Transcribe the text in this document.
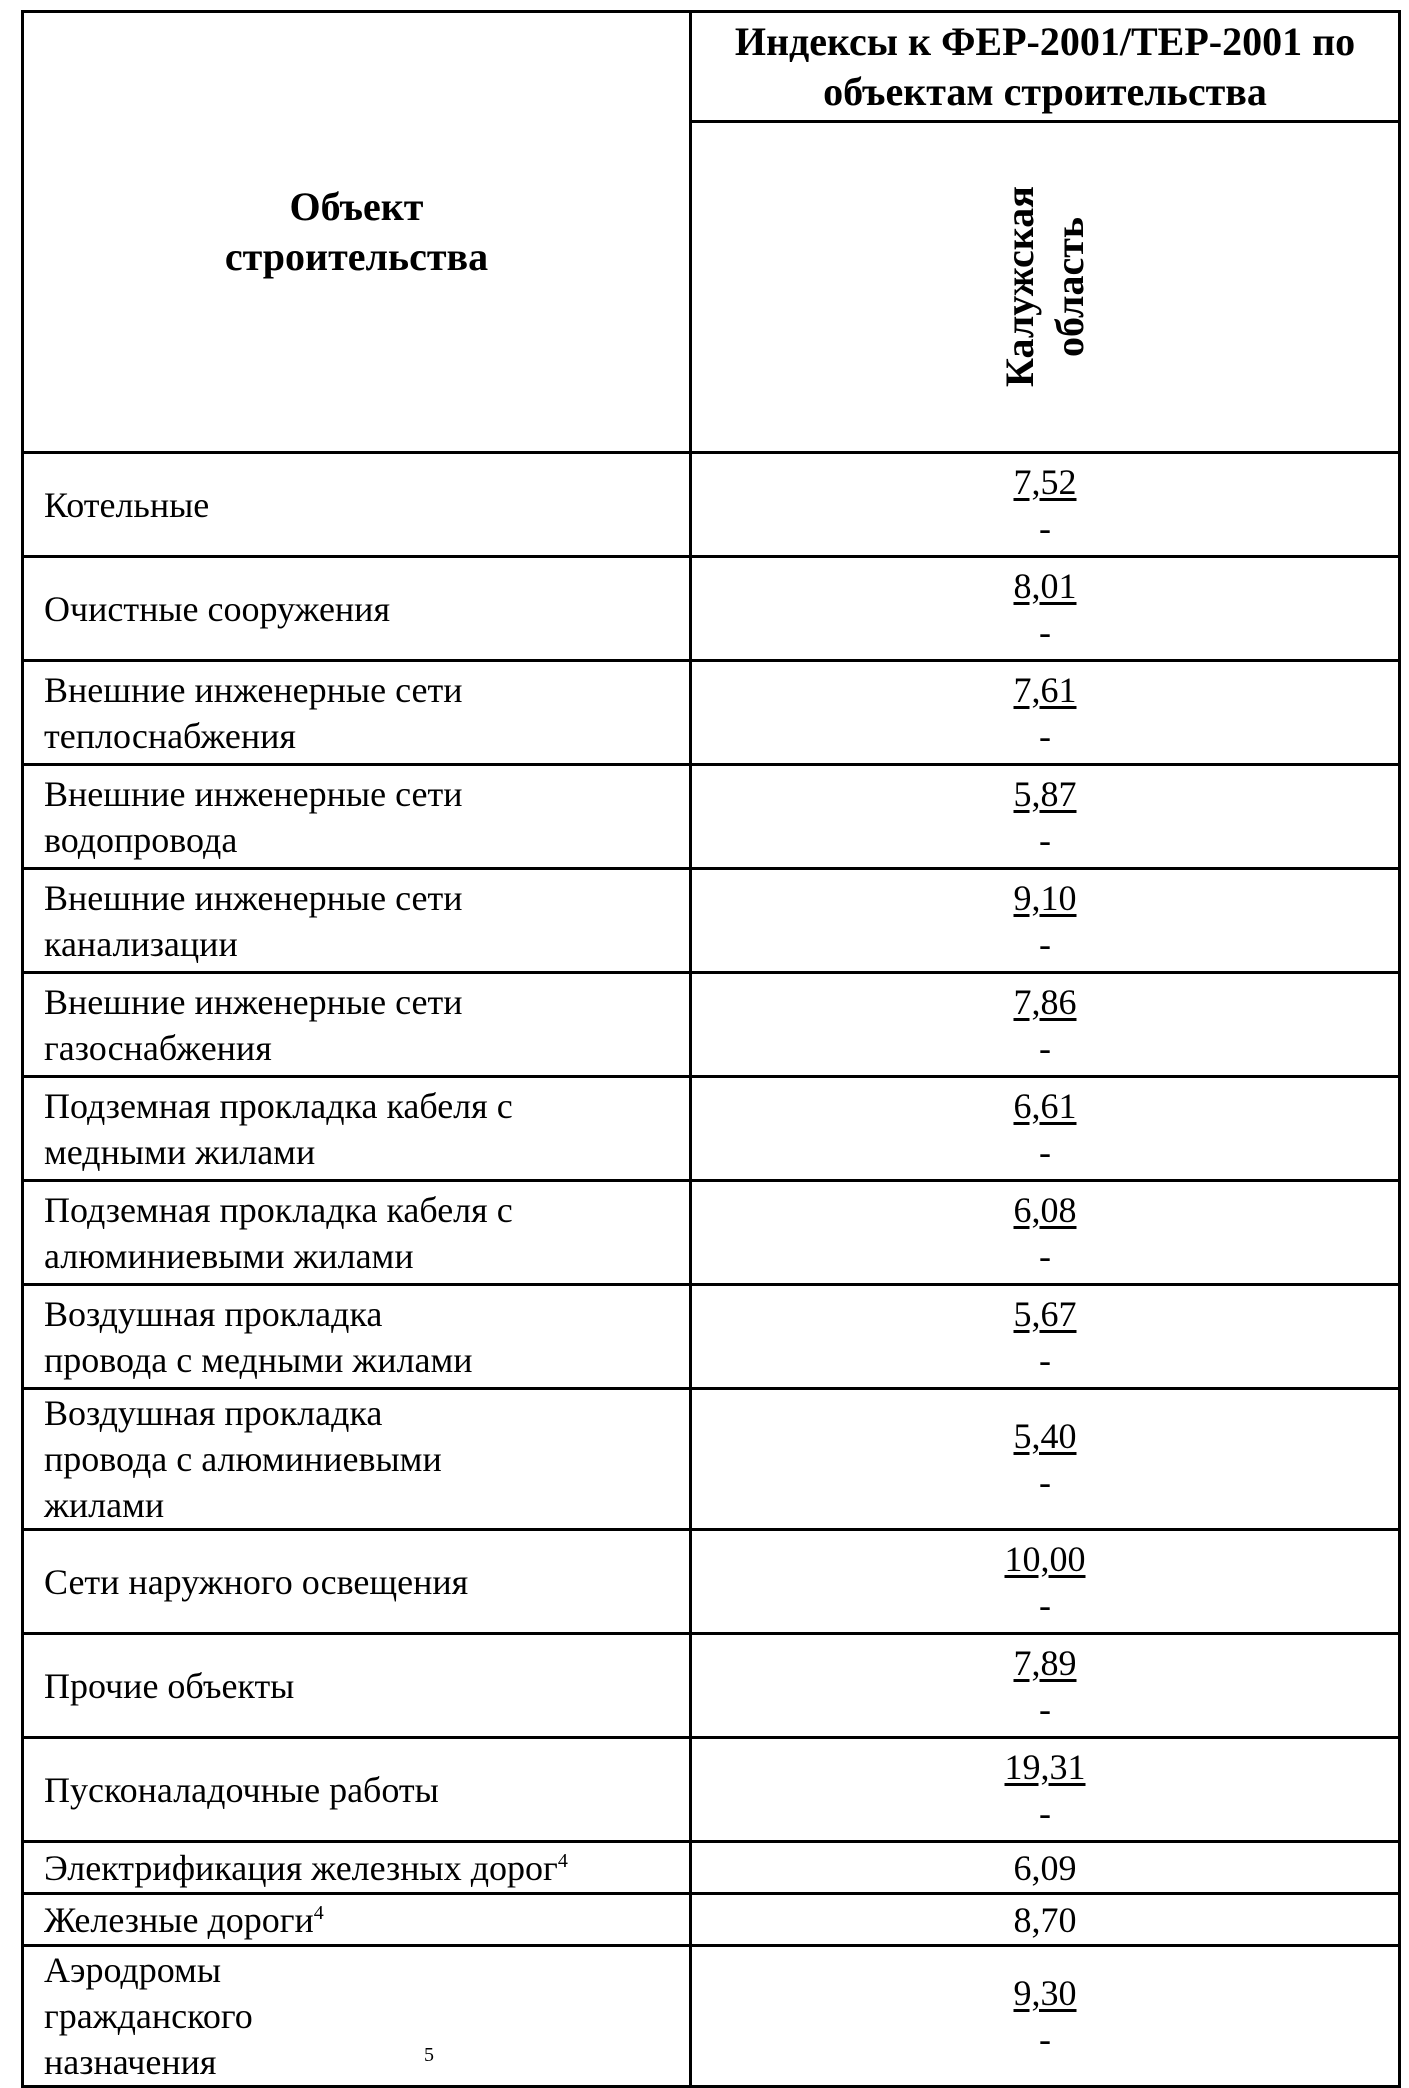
Объект строительства	Индексы к ФЕР-2001/ТЕР-2001 по объектам строительства

	Калужская область

Котельные	7,52
-

Очистные сооружения	8,01
-

Внешние инженерные сети теплоснабжения	7,61
-

Внешние инженерные сети водопровода	5,87
-

Внешние инженерные сети канализации	9,10
-

Внешние инженерные сети газоснабжения	7,86
-

Подземная прокладка кабеля с медными жилами	6,61
-

Подземная прокладка кабеля с алюминиевыми жилами	6,08
-

Воздушная прокладка провода с медными жилами	5,67
-

Воздушная прокладка провода с алюминиевыми жилами	5,40
-

Сети наружного освещения	10,00
-

Прочие объекты	7,89
-

Пусконаладочные работы	19,31
-

Электрификация железных дорог$^4$	6,09
Железные дороги$^4$	8,70
Аэродромы гражданского назначения $^5$	9,30
-
